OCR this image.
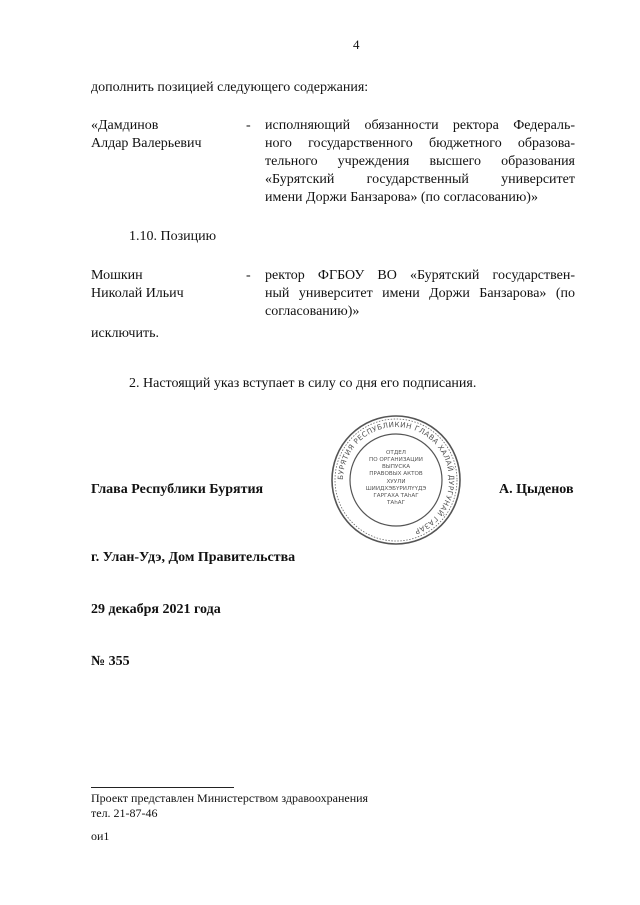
4
дополнить позицией следующего содержания:
«Дамдинов
Алдар Валерьевич
-	исполняющий обязанности ректора Федераль-
ного государственного бюджетного образова-
тельного учреждения высшего образования
«Бурятский государственный университет
имени Доржи Банзарова» (по согласованию)»
1.10. Позицию
Мошкин
Николай Ильич
-	ректор ФГБОУ ВО «Бурятский государствен-
ный университет имени Доржи Банзарова» (по
согласованию)»
исключить.
2. Настоящий указ вступает в силу со дня его подписания.
БУРЯТИЯ РЕСПУБЛИКИН ГЛАВА ХАЛАЙ ДУРГУНАЙ ГАЗАР
ОТДЕЛ
ПО ОРГАНИЗАЦИИ
ВЫПУСКА
ПРАВОВЫХ АКТОВ
ХУУЛИ
ШИИДХЭБҮРИЛҮҮДЭ
ГАРГАХА ТАһАГ
ТАһАГ
Глава Республики Бурятия	А. Цыденов
г. Улан-Удэ, Дом Правительства
29 декабря 2021 года
№ 355
Проект представлен Министерством здравоохранения
тел. 21-87-46
ои1
